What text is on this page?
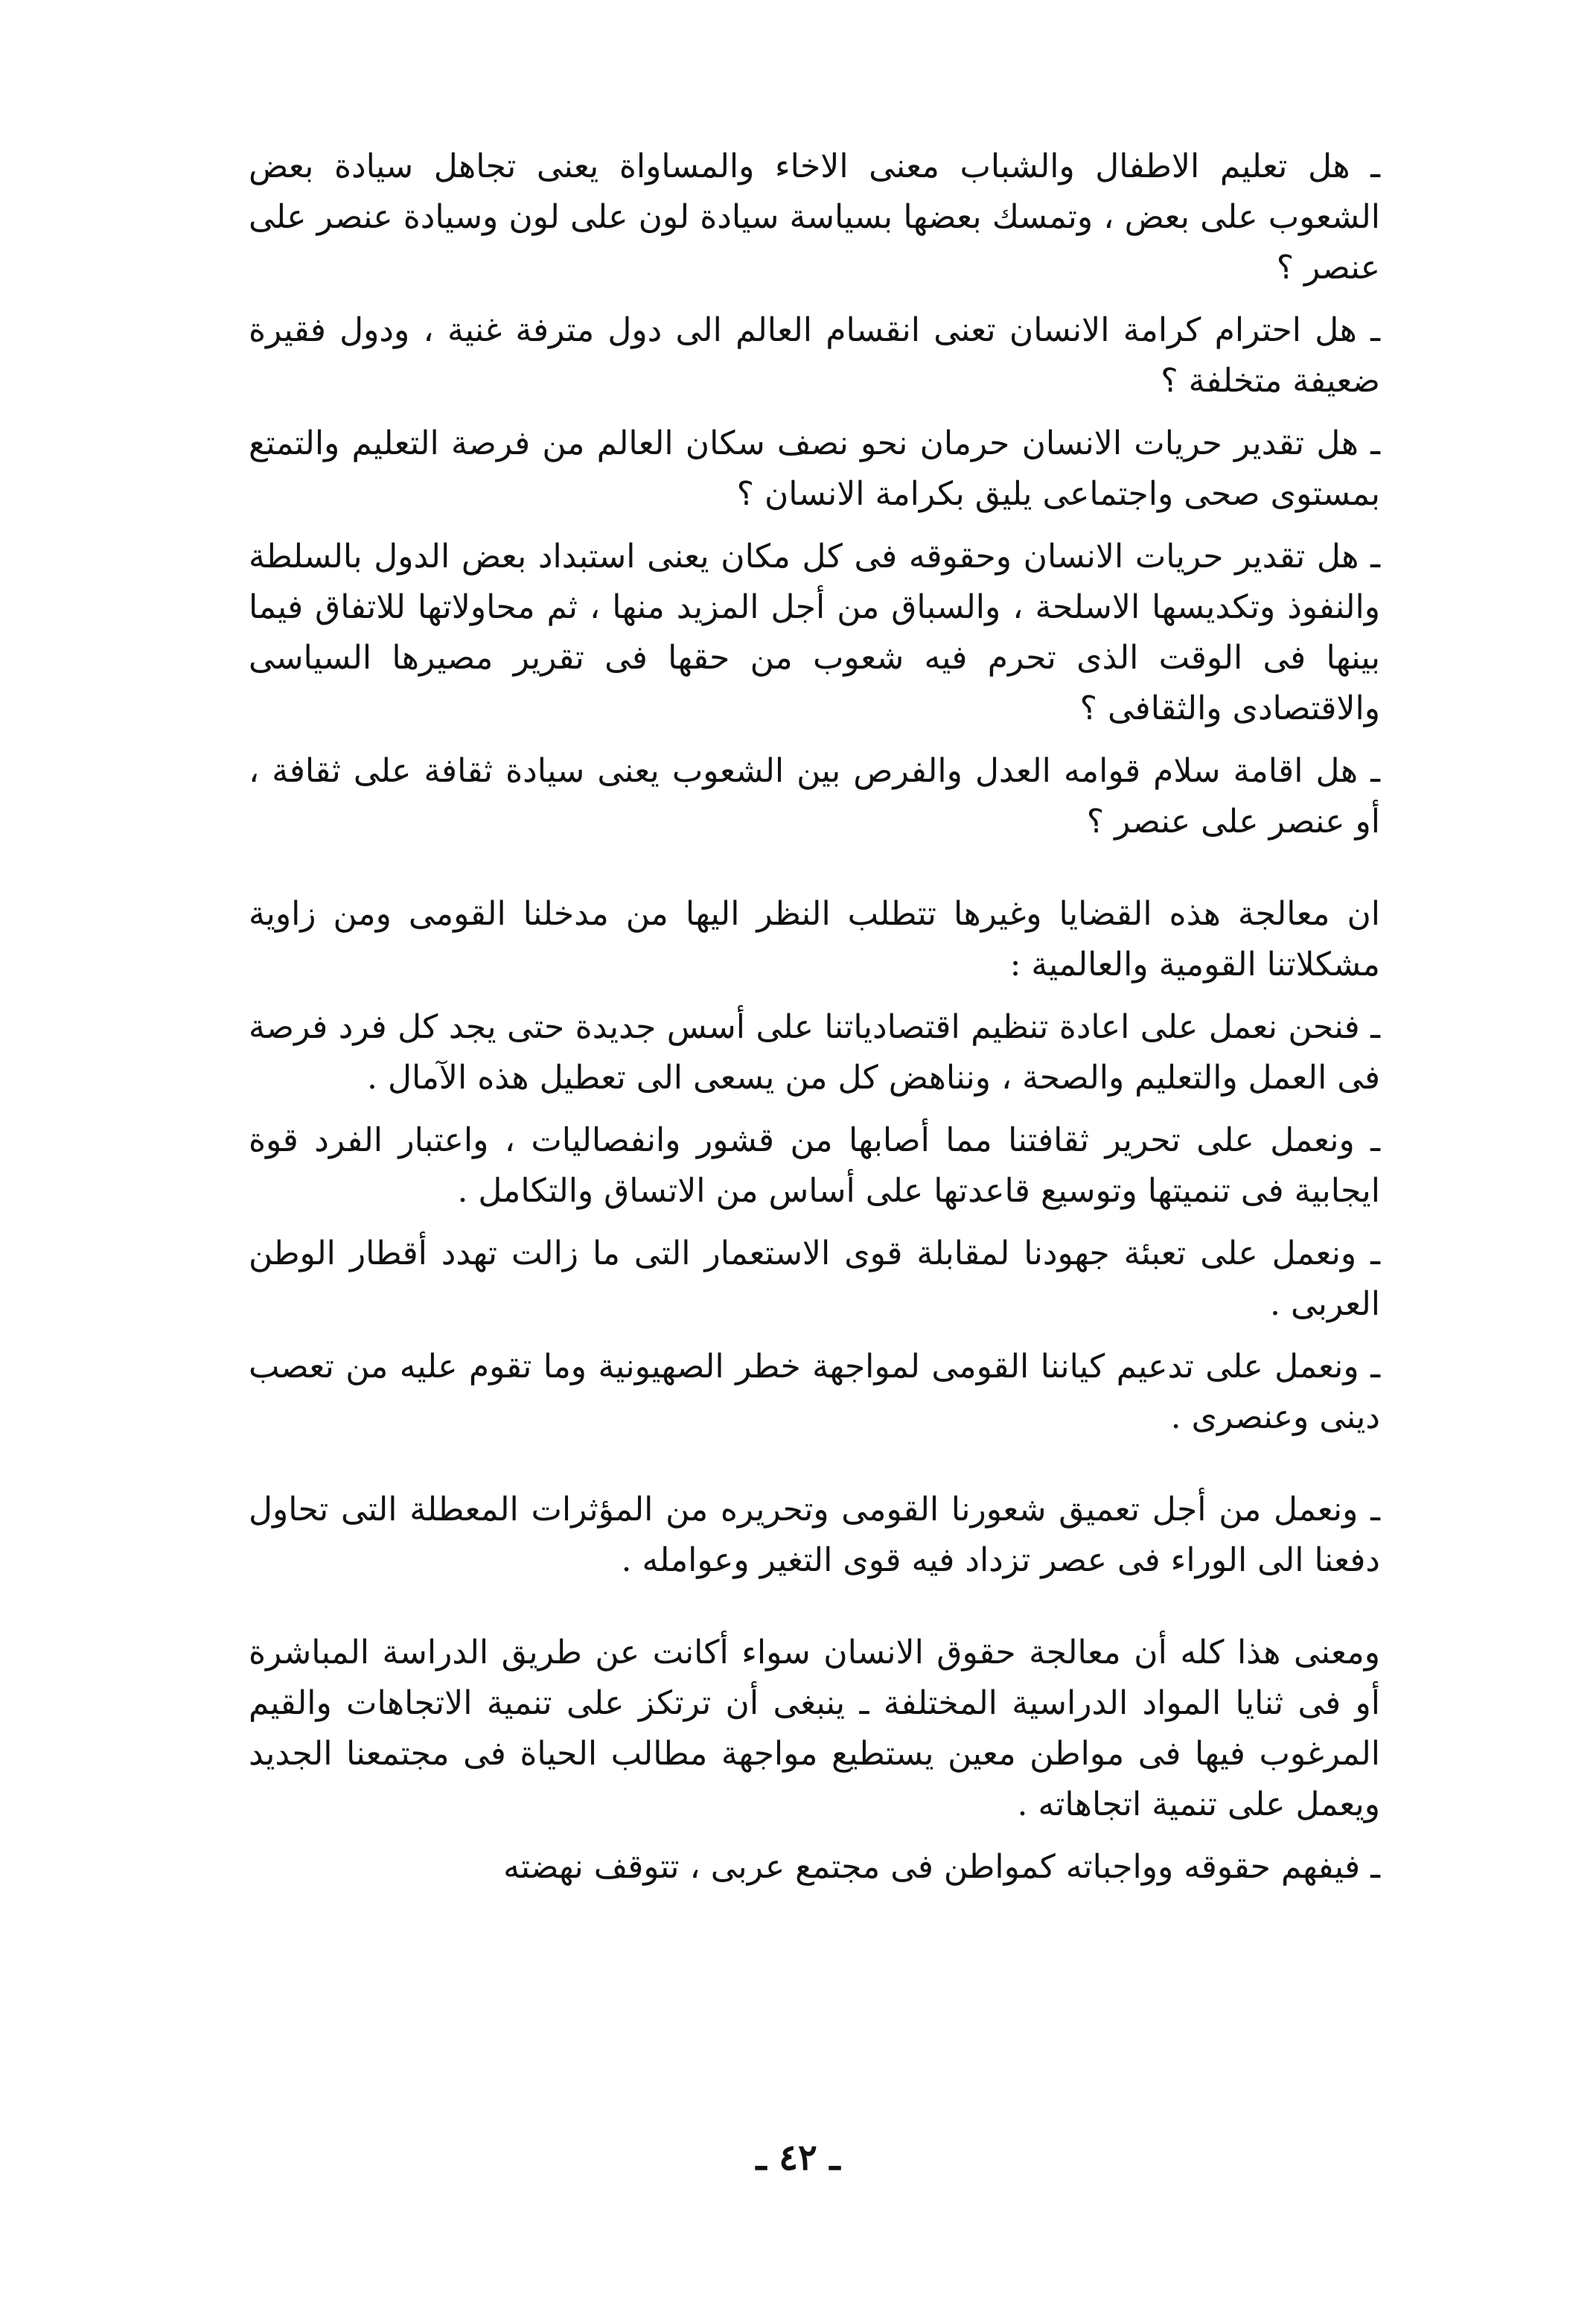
ـ هل تعليم الاطفال والشباب معنى الاخاء والمساواة يعنى تجاهل سيادة بعض الشعوب على بعض ، وتمسك بعضها بسياسة سيادة لون على لون وسيادة عنصر على عنصر ؟

ـ هل احترام كرامة الانسان تعنى انقسام العالم الى دول مترفة غنية ، ودول فقيرة ضعيفة متخلفة ؟

ـ هل تقدير حريات الانسان حرمان نحو نصف سكان العالم من فرصة التعليم والتمتع بمستوى صحى واجتماعى يليق بكرامة الانسان ؟

ـ هل تقدير حريات الانسان وحقوقه فى كل مكان يعنى استبداد بعض الدول بالسلطة والنفوذ وتكديسها الاسلحة ، والسباق من أجل المزيد منها ، ثم محاولاتها للاتفاق فيما بينها فى الوقت الذى تحرم فيه شعوب من حقها فى تقرير مصيرها السياسى والاقتصادى والثقافى ؟

ـ هل اقامة سلام قوامه العدل والفرص بين الشعوب يعنى سيادة ثقافة على ثقافة ، أو عنصر على عنصر ؟

ان معالجة هذه القضايا وغيرها تتطلب النظر اليها من مدخلنا القومى ومن زاوية مشكلاتنا القومية والعالمية :

ـ فنحن نعمل على اعادة تنظيم اقتصادياتنا على أسس جديدة حتى يجد كل فرد فرصة فى العمل والتعليم والصحة ، ونناهض كل من يسعى الى تعطيل هذه الآمال .

ـ ونعمل على تحرير ثقافتنا مما أصابها من قشور وانفصاليات ، واعتبار الفرد قوة ايجابية فى تنميتها وتوسيع قاعدتها على أساس من الاتساق والتكامل .

ـ ونعمل على تعبئة جهودنا لمقابلة قوى الاستعمار التى ما زالت تهدد أقطار الوطن العربى .

ـ ونعمل على تدعيم كياننا القومى لمواجهة خطر الصهيونية وما تقوم عليه من تعصب دينى وعنصرى .

ـ ونعمل من أجل تعميق شعورنا القومى وتحريره من المؤثرات المعطلة التى تحاول دفعنا الى الوراء فى عصر تزداد فيه قوى التغير وعوامله .

ومعنى هذا كله أن معالجة حقوق الانسان سواء أكانت عن طريق الدراسة المباشرة أو فى ثنايا المواد الدراسية المختلفة ـ ينبغى أن ترتكز على تنمية الاتجاهات والقيم المرغوب فيها فى مواطن معين يستطيع مواجهة مطالب الحياة فى مجتمعنا الجديد ويعمل على تنمية اتجاهاته .

ـ فيفهم حقوقه وواجباته كمواطن فى مجتمع عربى ، تتوقف نهضته

ـ ٤٢ ـ
